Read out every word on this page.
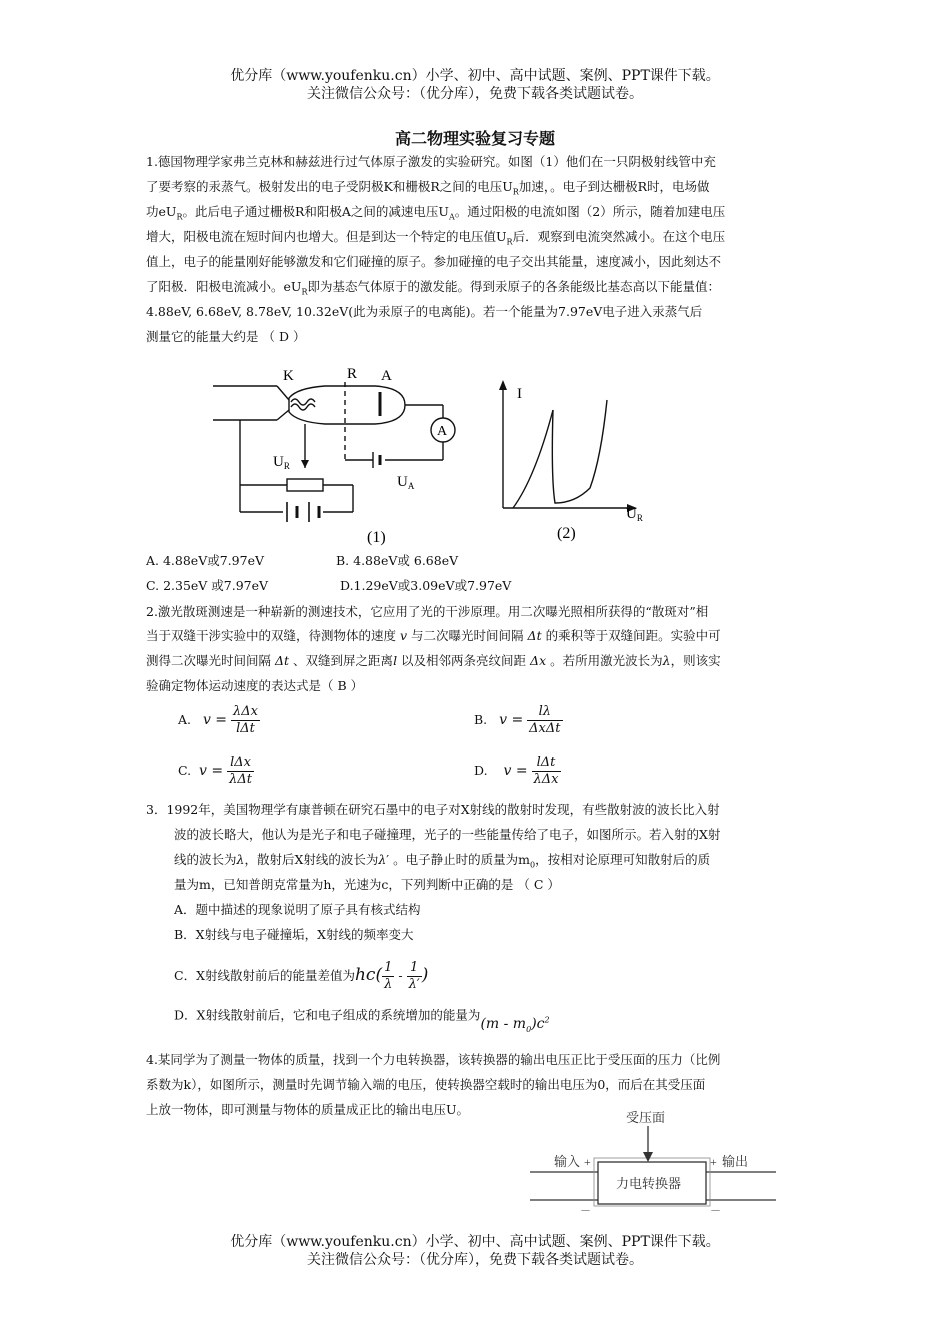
优分库（www.youfenku.cn）小学、初中、高中试题、案例、PPT课件下载。
关注微信公众号：（优分库），免费下载各类试题试卷。
高二物理实验复习专题
1.德国物理学家弗兰克林和赫兹进行过气体原子激发的实验研究。如图（1）他们在一只阴极射线管中充
了要考察的汞蒸气。极射发出的电子受阴极K和栅极R之间的电压$U_R$加速，。电子到达栅极R时，电场做
功$eU_R$。此后电子通过栅极R和阳极A之间的减速电压$U_A$。通过阳极的电流如图（2）所示，随着加建电压
增大，阳极电流在短时间内也增大。但是到达一个特定的电压值$U_R$后．观察到电流突然减小。在这个电压
值上，电子的能量刚好能够激发和它们碰撞的原子。参加碰撞的电子交出其能量，速度减小，因此刻达不
了阳极．阳极电流减小。$eU_R$即为基态气体原于的激发能。得到汞原子的各条能级比基态高以下能量值：
4.88eV, 6.68eV, 8.78eV, 10.32eV(此为汞原子的电离能)。若一个能量为7.97eV电子进入汞蒸气后
测量它的能量大约是 （ D ）
K	R A
A
$U_R$
$U_A$
(1)
I
$U_R$
(2)
A. 4.88eV或7.97eV	B. 4.88eV或 6.68eV
C. 2.35eV 或7.97eV	D.1.29eV或3.09eV或7.97eV
2.激光散斑测速是一种崭新的测速技术，它应用了光的干涉原理。用二次曝光照相所获得的“散斑对”相
当于双缝干涉实验中的双缝，待测物体的速度 v 与二次曝光时间间隔 Δt 的乘积等于双缝间距。实验中可
测得二次曝光时间间隔 Δt 、双缝到屏之距离l 以及相邻两条亮纹间距 Δx 。若所用激光波长为λ，则该实
验确定物体运动速度的表达式是（ B ）
A. $v = \frac{\text{λΔx}}{\text{lΔt}}$	B. $v = \frac{l\lambda}{\text{ΔxΔt}}$
C. $v = \frac{\text{lΔx}}{\text{λΔt}}$	D. $v = \frac{\text{lΔt}}{\text{λΔx}}$
3．1992年，美国物理学有康普顿在研究石墨中的电子对X射线的散射时发现，有些散射波的波长比入射
波的波长略大，他认为是光子和电子碰撞理，光子的一些能量传给了电子，如图所示。若入射的X射
线的波长为λ，散射后X射线的波长为λ′ 。电子静止时的质量为$m_0$，按相对论原理可知散射后的质
量为m，已知普朗克常量为h，光速为c，下列判断中正确的是 （ C ）
A．题中描述的现象说明了原子具有核式结构
B．X射线与电子碰撞垢，X射线的频率变大
C．X射线散射前后的能量差值为$hc( \frac{1}{\lambda} - \frac{1}{\lambda'}$ )
D．X射线散射前后，它和电子组成的系统增加的能量为$(m - m_0)c^2$
4.某同学为了测量一物体的质量，找到一个力电转换器，该转换器的输出电压正比于受压面的压力（比例
系数为k），如图所示，测量时先调节输入端的电压，使转换器空载时的输出电压为0，而后在其受压面
上放一物体，即可测量与物体的质量成正比的输出电压U。
受压面
输入 +	+ 输出
力电转换器
－	－
优分库（www.youfenku.cn）小学、初中、高中试题、案例、PPT课件下载。
关注微信公众号：（优分库），免费下载各类试题试卷。
